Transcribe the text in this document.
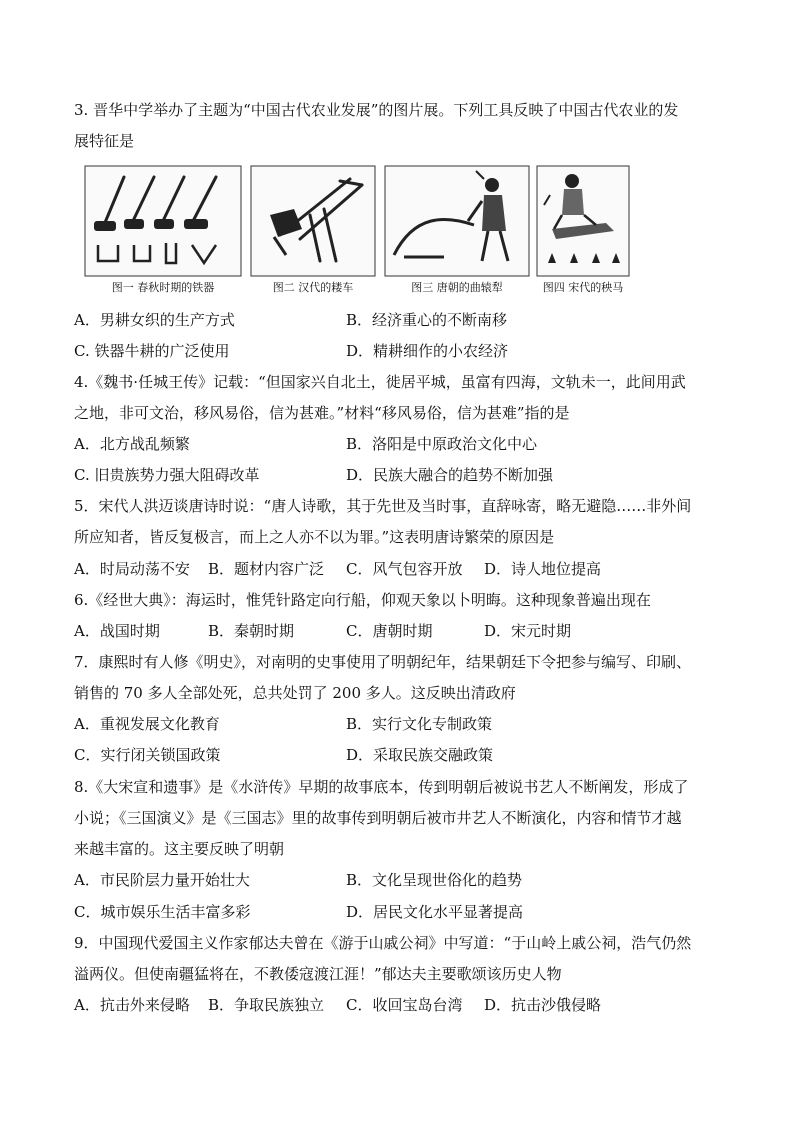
3. 晋华中学举办了主题为“中国古代农业发展”的图片展。下列工具反映了中国古代农业的发
展特征是
图一 春秋时期的铁器	图二 汉代的耧车	图三 唐朝的曲辕犁	图四 宋代的秧马
A．男耕女织的生产方式	B．经济重心的不断南移
C. 铁器牛耕的广泛使用	D．精耕细作的小农经济
4.《魏书·任城王传》记载：“但国家兴自北土，徙居平城，虽富有四海，文轨未一，此间用武
之地，非可文治，移风易俗，信为甚难。”材料“移风易俗，信为甚难”指的是
A．北方战乱频繁	B．洛阳是中原政治文化中心
C. 旧贵族势力强大阻碍改革	D．民族大融合的趋势不断加强
5．宋代人洪迈谈唐诗时说：“唐人诗歌，其于先世及当时事，直辞咏寄，略无避隐……非外间
所应知者，皆反复极言，而上之人亦不以为罪。”这表明唐诗繁荣的原因是
A．时局动荡不安 B．题材内容广泛 C．风气包容开放 D．诗人地位提高
6.《经世大典》：海运时，惟凭针路定向行船，仰观天象以卜明晦。这种现象普遍出现在
A．战国时期	B．秦朝时期	C．唐朝时期	D．宋元时期
7．康熙时有人修《明史》，对南明的史事使用了明朝纪年，结果朝廷下令把参与编写、印刷、
销售的 70 多人全部处死，总共处罚了 200 多人。这反映出清政府
A．重视发展文化教育	B．实行文化专制政策
C．实行闭关锁国政策	D．采取民族交融政策
8.《大宋宣和遗事》是《水浒传》早期的故事底本，传到明朝后被说书艺人不断阐发，形成了
小说；《三国演义》是《三国志》里的故事传到明朝后被市井艺人不断演化，内容和情节才越
来越丰富的。这主要反映了明朝
A．市民阶层力量开始壮大	B．文化呈现世俗化的趋势
C．城市娱乐生活丰富多彩	D．居民文化水平显著提高
9．中国现代爱国主义作家郁达夫曾在《游于山戚公祠》中写道：“于山岭上戚公祠，浩气仍然
溢两仪。但使南疆猛将在，不教倭寇渡江涯！”郁达夫主要歌颂该历史人物
A．抗击外来侵略 B．争取民族独立 C．收回宝岛台湾 D．抗击沙俄侵略
